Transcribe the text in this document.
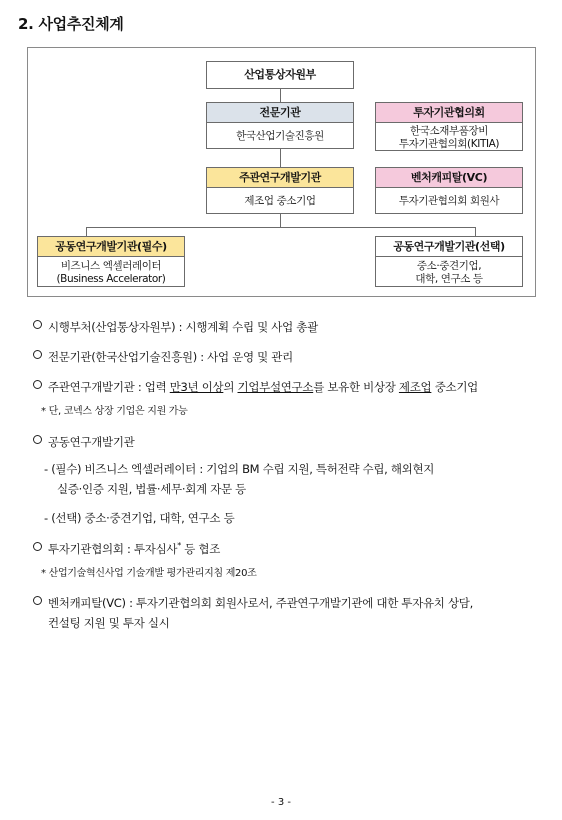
2. 사업추진체계
산업통상자원부
전문기관
한국산업기술진흥원
투자기관협의회
한국소재부품장비
투자기관협의회(KITIA)
주관연구개발기관
제조업 중소기업
벤처캐피탈(VC)
투자기관협의회 회원사
공동연구개발기관(필수)
비즈니스 엑셀러레이터
(Business Accelerator)
공동연구개발기관(선택)
중소·중견기업,
대학, 연구소 등
시행부처(산업통상자원부) : 시행계획 수립 및 사업 총괄
전문기관(한국산업기술진흥원) : 사업 운영 및 관리
주관연구개발기관 : 업력 만3년 이상의 기업부설연구소를 보유한 비상장 제조업 중소기업
* 단, 코넥스 상장 기업은 지원 가능
공동연구개발기관
- (필수) 비즈니스 엑셀러레이터 : 기업의 BM 수립 지원, 특허전략 수립, 해외현지
실증·인증 지원, 법률·세무·회계 자문 등
- (선택) 중소·중견기업, 대학, 연구소 등
투자기관협의회 : 투자심사* 등 협조
* 산업기술혁신사업 기술개발 평가관리지침 제20조
벤처캐피탈(VC) : 투자기관협의회 회원사로서, 주관연구개발기관에 대한 투자유치 상담,
컨설팅 지원 및 투자 실시
- 3 -
